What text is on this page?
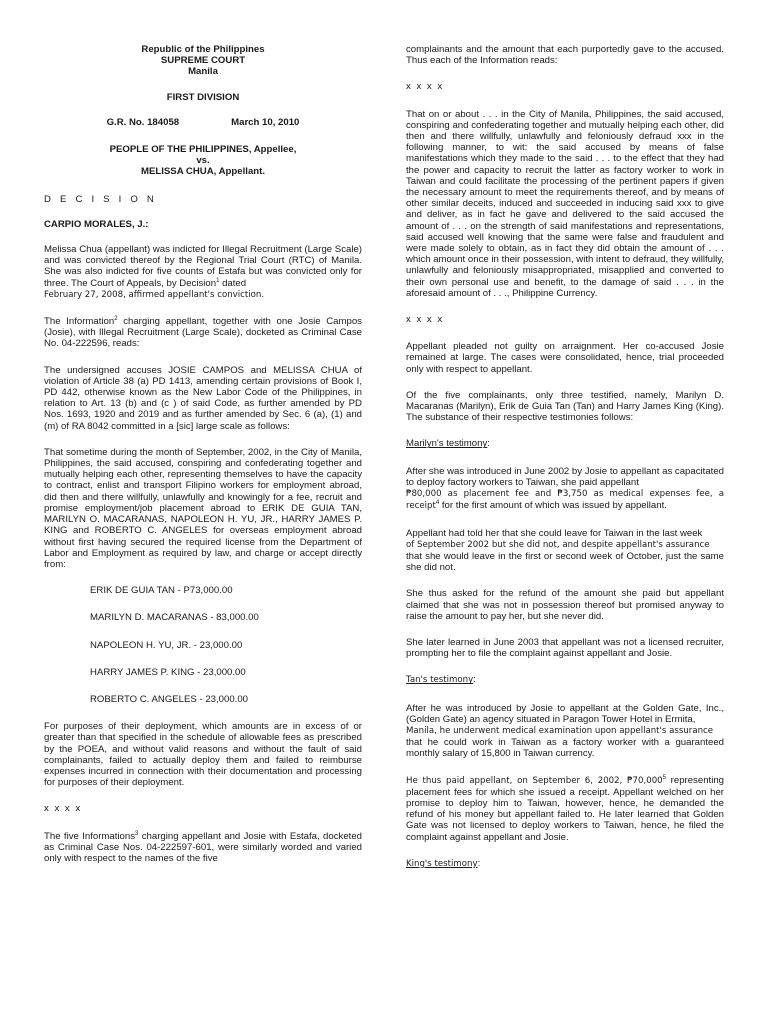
Republic of the Philippines
SUPREME COURT
Manila
FIRST DIVISION
G.R. No. 184058	March 10, 2010
PEOPLE OF THE PHILIPPINES, Appellee,
vs.
MELISSA CHUA, Appellant.
D E C I S I O N
CARPIO MORALES, J.:

Melissa Chua (appellant) was indicted for Illegal Recruitment (Large Scale) and was convicted thereof by the Regional Trial Court (RTC) of Manila. She was also indicted for five counts of Estafa but was convicted only for three. The Court of Appeals, by Decision$^1$ dated
February 27, 2008, affirmed appellant's conviction.

The Information$^2$ charging appellant, together with one Josie Campos (Josie), with Illegal Recruitment (Large Scale), docketed as Criminal Case No. 04-222596, reads:

The undersigned accuses JOSIE CAMPOS and MELISSA CHUA of violation of Article 38 (a) PD 1413, amending certain provisions of Book I, PD 442, otherwise known as the New Labor Code of the Philippines, in relation to Art. 13 (b) and (c ) of said Code, as further amended by PD Nos. 1693, 1920 and 2019 and as further amended by Sec. 6 (a), (1) and (m) of RA 8042 committed in a [sic] large scale as follows:

That sometime during the month of September, 2002, in the City of Manila, Philippines, the said accused, conspiring and confederating together and mutually helping each other, representing themselves to have the capacity to contract, enlist and transport Filipino workers for employment abroad, did then and there willfully, unlawfully and knowingly for a fee, recruit and promise employment/job placement abroad to ERIK DE GUIA TAN, MARILYN O. MACARANAS, NAPOLEON H. YU, JR., HARRY JAMES P. KING and ROBERTO C. ANGELES for overseas employment abroad without first having secured the required license from the Department of Labor and Employment as required by law, and charge or accept directly from:

ERIK DE GUIA TAN - P73,000.00
MARILYN D. MACARANAS - 83,000.00
NAPOLEON H. YU, JR. - 23,000.00
HARRY JAMES P. KING - 23,000.00
ROBERTO C. ANGELES - 23,000.00

For purposes of their deployment, which amounts are in excess of or greater than that specified in the schedule of allowable fees as prescribed by the POEA, and without valid reasons and without the fault of said complainants, failed to actually deploy them and failed to reimburse expenses incurred in connection with their documentation and processing for purposes of their deployment.

x x x x

The five Informations$^3$ charging appellant and Josie with Estafa, docketed as Criminal Case Nos. 04-222597-601, were similarly worded and varied only with respect to the names of the five

complainants and the amount that each purportedly gave to the accused. Thus each of the Information reads:

x x x x

That on or about . . . in the City of Manila, Philippines, the said accused, conspiring and confederating together and mutually helping each other, did then and there willfully, unlawfully and feloniously defraud xxx in the following manner, to wit: the said accused by means of false manifestations which they made to the said . . . to the effect that they had the power and capacity to recruit the latter as factory worker to work in Taiwan and could facilitate the processing of the pertinent papers if given the necessary amount to meet the requirements thereof, and by means of other similar deceits, induced and succeeded in inducing said xxx to give and deliver, as in fact he gave and delivered to the said accused the amount of . . . on the strength of said manifestations and representations, said accused well knowing that the same were false and fraudulent and were made solely to obtain, as in fact they did obtain the amount of . . . which amount once in their possession, with intent to defraud, they willfully, unlawfully and feloniously misappropriated, misapplied and converted to their own personal use and benefit, to the damage of said . . . in the aforesaid amount of . . ., Philippine Currency.

x x x x

Appellant pleaded not guilty on arraignment. Her co-accused Josie remained at large. The cases were consolidated, hence, trial proceeded only with respect to appellant.

Of the five complainants, only three testified, namely, Marilyn D. Macaranas (Marilyn), Erik de Guia Tan (Tan) and Harry James King (King). The substance of their respective testimonies follows:

Marilyn's testimony:

After she was introduced in June 2002 by Josie to appellant as capacitated to deploy factory workers to Taiwan, she paid appellant
₱80,000 as placement fee and ₱3,750 as medical expenses fee, a receipt$^4$ for the first amount of which was issued by appellant.

Appellant had told her that she could leave for Taiwan in the last week
of September 2002 but she did not, and despite appellant's assurance
that she would leave in the first or second week of October, just the same she did not.

She thus asked for the refund of the amount she paid but appellant claimed that she was not in possession thereof but promised anyway to raise the amount to pay her, but she never did.

She later learned in June 2003 that appellant was not a licensed recruiter, prompting her to file the complaint against appellant and Josie.

Tan's testimony:

After he was introduced by Josie to appellant at the Golden Gate, Inc., (Golden Gate) an agency situated in Paragon Tower Hotel in Ermita,
Manila, he underwent medical examination upon appellant's assurance
that he could work in Taiwan as a factory worker with a guaranteed monthly salary of 15,800 in Taiwan currency.

He thus paid appellant, on September 6, 2002, ₱70,000$^5$ representing placement fees for which she issued a receipt. Appellant welched on her promise to deploy him to Taiwan, however, hence, he demanded the refund of his money but appellant failed to. He later learned that Golden Gate was not licensed to deploy workers to Taiwan, hence, he filed the complaint against appellant and Josie.

King's testimony:
